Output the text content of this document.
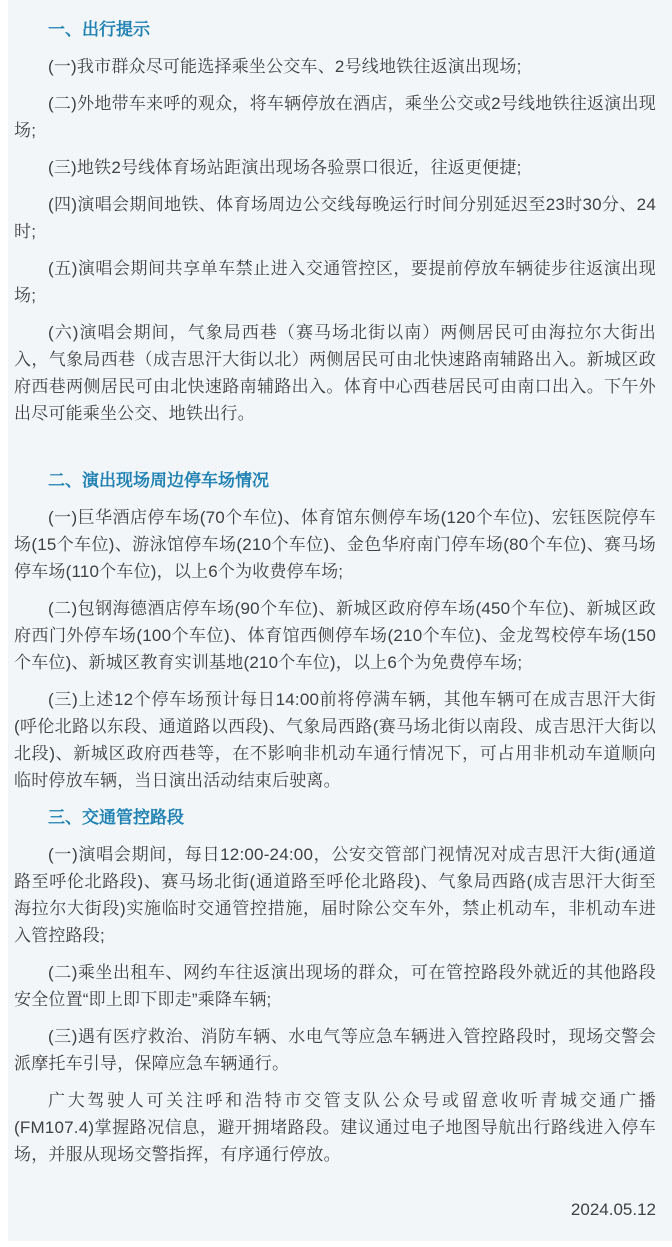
一、出行提示

(一)我市群众尽可能选择乘坐公交车、2号线地铁往返演出现场;

(二)外地带车来呼的观众，将车辆停放在酒店，乘坐公交或2号线地铁往返演出现场;

(三)地铁2号线体育场站距演出现场各验票口很近，往返更便捷;

(四)演唱会期间地铁、体育场周边公交线每晚运行时间分别延迟至23时30分、24时;

(五)演唱会期间共享单车禁止进入交通管控区，要提前停放车辆徒步往返演出现场;

(六)演唱会期间，气象局西巷（赛马场北街以南）两侧居民可由海拉尔大街出入，气象局西巷（成吉思汗大街以北）两侧居民可由北快速路南辅路出入。新城区政府西巷两侧居民可由北快速路南辅路出入。体育中心西巷居民可由南口出入。下午外出尽可能乘坐公交、地铁出行。

二、演出现场周边停车场情况

(一)巨华酒店停车场(70个车位)、体育馆东侧停车场(120个车位)、宏钰医院停车场(15个车位)、游泳馆停车场(210个车位)、金色华府南门停车场(80个车位)、赛马场停车场(110个车位)，以上6个为收费停车场;

(二)包钢海德酒店停车场(90个车位)、新城区政府停车场(450个车位)、新城区政府西门外停车场(100个车位)、体育馆西侧停车场(210个车位)、金龙驾校停车场(150个车位)、新城区教育实训基地(210个车位)，以上6个为免费停车场;

(三)上述12个停车场预计每日14:00前将停满车辆，其他车辆可在成吉思汗大街(呼伦北路以东段、通道路以西段)、气象局西路(赛马场北街以南段、成吉思汗大街以北段)、新城区政府西巷等，在不影响非机动车通行情况下，可占用非机动车道顺向临时停放车辆，当日演出活动结束后驶离。

三、交通管控路段

(一)演唱会期间，每日12:00-24:00，公安交管部门视情况对成吉思汗大街(通道路至呼伦北路段)、赛马场北街(通道路至呼伦北路段)、气象局西路(成吉思汗大街至海拉尔大街段)实施临时交通管控措施，届时除公交车外，禁止机动车，非机动车进入管控路段;

(二)乘坐出租车、网约车往返演出现场的群众，可在管控路段外就近的其他路段安全位置“即上即下即走”乘降车辆;

(三)遇有医疗救治、消防车辆、水电气等应急车辆进入管控路段时，现场交警会派摩托车引导，保障应急车辆通行。

广大驾驶人可关注呼和浩特市交管支队公众号或留意收听青城交通广播(FM107.4)掌握路况信息，避开拥堵路段。建议通过电子地图导航出行路线进入停车场，并服从现场交警指挥，有序通行停放。

2024.05.12
